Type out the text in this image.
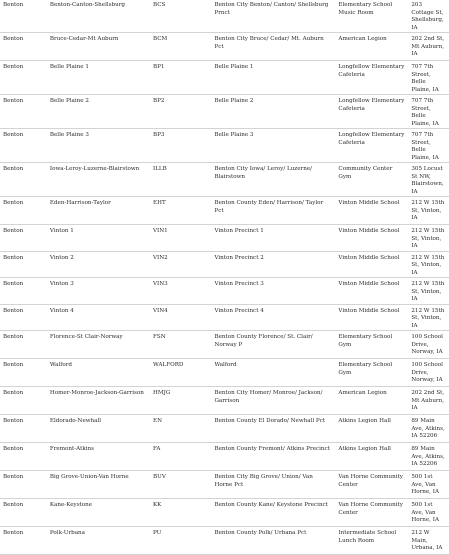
Benton	Benton-Canton-Shellsburg	BCS	Benton City Benton/ Canton/ Shellsburg Prnct	Elementary School Music Room	203 Cottage St, Shellsburg, IA
Benton	Bruce-Cedar-Mt Auburn	BCM	Benton City Bruce/ Cedar/ Mt. Auburn Pct	American Legion	202 2nd St, Mt Auburn, IA
Benton	Belle Plaine 1	BP1	Belle Plaine 1	Longfellow Elementary Cafeteria	707 7th Street, Belle Plaine, IA
Benton	Belle Plaine 2	BP2	Belle Plaine 2	Longfellow Elementary Cafeteria	707 7th Street, Belle Plaine, IA
Benton	Belle Plaine 3	BP3	Belle Plaine 3	Longfellow Elementary Cafeteria	707 7th Street, Belle Plaine, IA
Benton	Iowa-Leroy-Luzerne-Blairstown	ILLB	Benton City Iowa/ Leroy/ Luzerne/ Blairstown	Community Center Gym	305 Locust St NW, Blairstown, IA
Benton	Eden-Harrison-Taylor	EHT	Benton County Eden/ Harrison/ Taylor Pct	Vinton Middle School	212 W 15th St, Vinton, IA
Benton	Vinton 1	VIN1	Vinton Precinct 1	Vinton Middle School	212 W 15th St, Vinton, IA
Benton	Vinton 2	VIN2	Vinton Precinct 2	Vinton Middle School	212 W 15th St, Vinton, IA
Benton	Vinton 3	VIN3	Vinton Precinct 3	Vinton Middle School	212 W 15th St, Vinton, IA
Benton	Vinton 4	VIN4	Vinton Precinct 4	Vinton Middle School	212 W 15th St, Vinton, IA
Benton	Florence-St Clair-Norway	FSN	Benton County Florence/ St. Clair/ Norway P	Elementary School Gym	100 School Drive, Norway, IA
Benton	Walford	WALFORD	Walford	Elementary School Gym	100 School Drive, Norway, IA
Benton	Homer-Monroe-Jackson-Garrison	HMJG	Benton City Homer/ Monroe/ Jackson/ Garrison	American Legion	202 2nd St, Mt Auburn, IA
Benton	Eldorado-Newhall	EN	Benton County El Dorado/ Newhall Pct	Atkins Legion Hall	89 Main Ave, Atkins, IA 52206
Benton	Fremont-Atkins	FA	Benton County Fremont/ Atkins Precinct	Atkins Legion Hall	89 Main Ave, Atkins, IA 52206
Benton	Big Grove-Union-Van Horne	BUV	Benton City Big Grove/ Union/ Van Horne Pct	Van Horne Community Center	500 1st Ave, Van Horne, IA
Benton	Kane-Keystone	KK	Benton County Kane/ Keystone Precinct	Van Horne Community Center	500 1st Ave, Van Horne, IA
Benton	Polk-Urbana	PU	Benton County Polk/ Urbana Pct	Intermediate School Lunch Room	212 W Main, Urbana, IA
